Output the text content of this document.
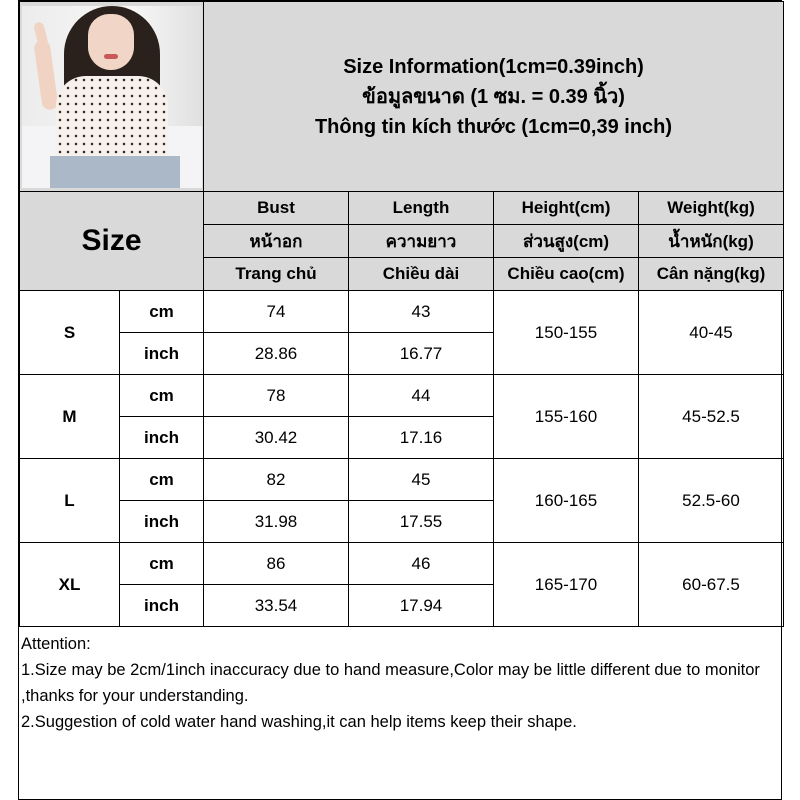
		Size Information(1cm=0.39inch)
ข้อมูลขนาด (1 ซม. = 0.39 นิ้ว)
Thông tin kích thước (1cm=0,39 inch)			

Size		Bust	Length	Height(cm)	Weight(kg)
		หน้าอก	ความยาว	ส่วนสูง(cm)	น้ำหนัก(kg)
		Trang chủ	Chiều dài	Chiều cao(cm)	Cân nặng(kg)
S	cm	74	43	150-155	40-45
	inch	28.86	16.77		
M	cm	78	44	155-160	45-52.5
	inch	30.42	17.16		
L	cm	82	45	160-165	52.5-60
	inch	31.98	17.55		
XL	cm	86	46	165-170	60-67.5
	inch	33.54	17.94		
Attention:
1.Size may be 2cm/1inch inaccuracy due to hand measure,Color may be little different due to monitor ,thanks for your understanding.
2.Suggestion of cold water hand washing,it can help items keep their shape.
